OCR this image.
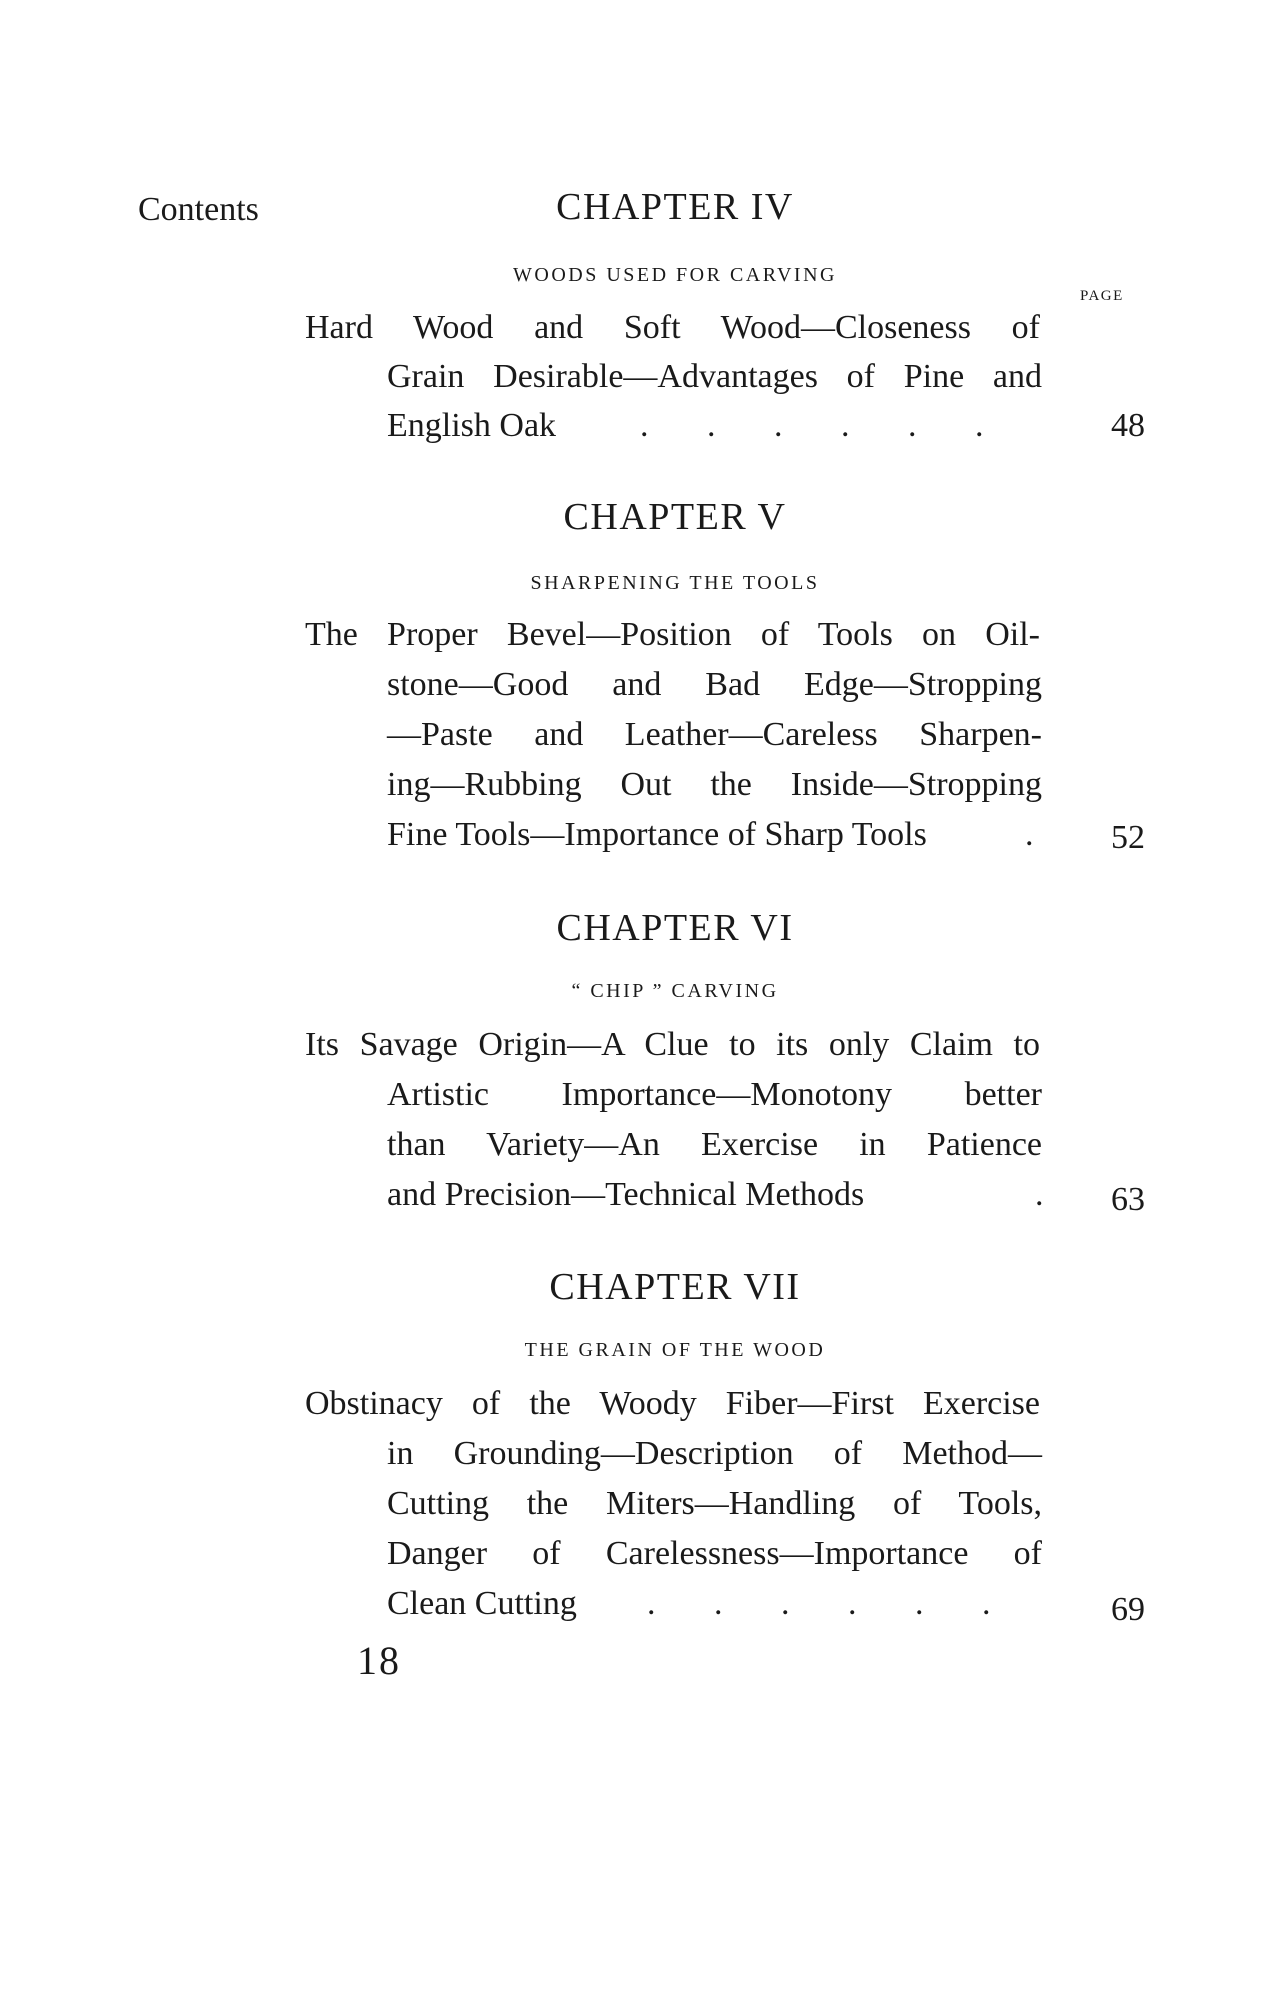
Contents
PAGE
CHAPTER IV
WOODS USED FOR CARVING
Hard Wood and Soft Wood—Closeness of
Grain Desirable—Advantages of Pine and
English Oak . . . . . .	48
CHAPTER V
SHARPENING THE TOOLS
The Proper Bevel—Position of Tools on Oil-
stone—Good and Bad Edge—Stropping
—Paste and Leather—Careless Sharpen-
ing—Rubbing Out the Inside—Stropping
Fine Tools—Importance of Sharp Tools	.	52
CHAPTER VI
“ CHIP ” CARVING
Its Savage Origin—A Clue to its only Claim to
Artistic Importance—Monotony better
than Variety—An Exercise in Patience
and Precision—Technical Methods	.	63
CHAPTER VII
THE GRAIN OF THE WOOD
Obstinacy of the Woody Fiber—First Exercise
in Grounding—Description of Method—
Cutting the Miters—Handling of Tools,
Danger of Carelessness—Importance of
Clean Cutting . . . . . .	69
18
